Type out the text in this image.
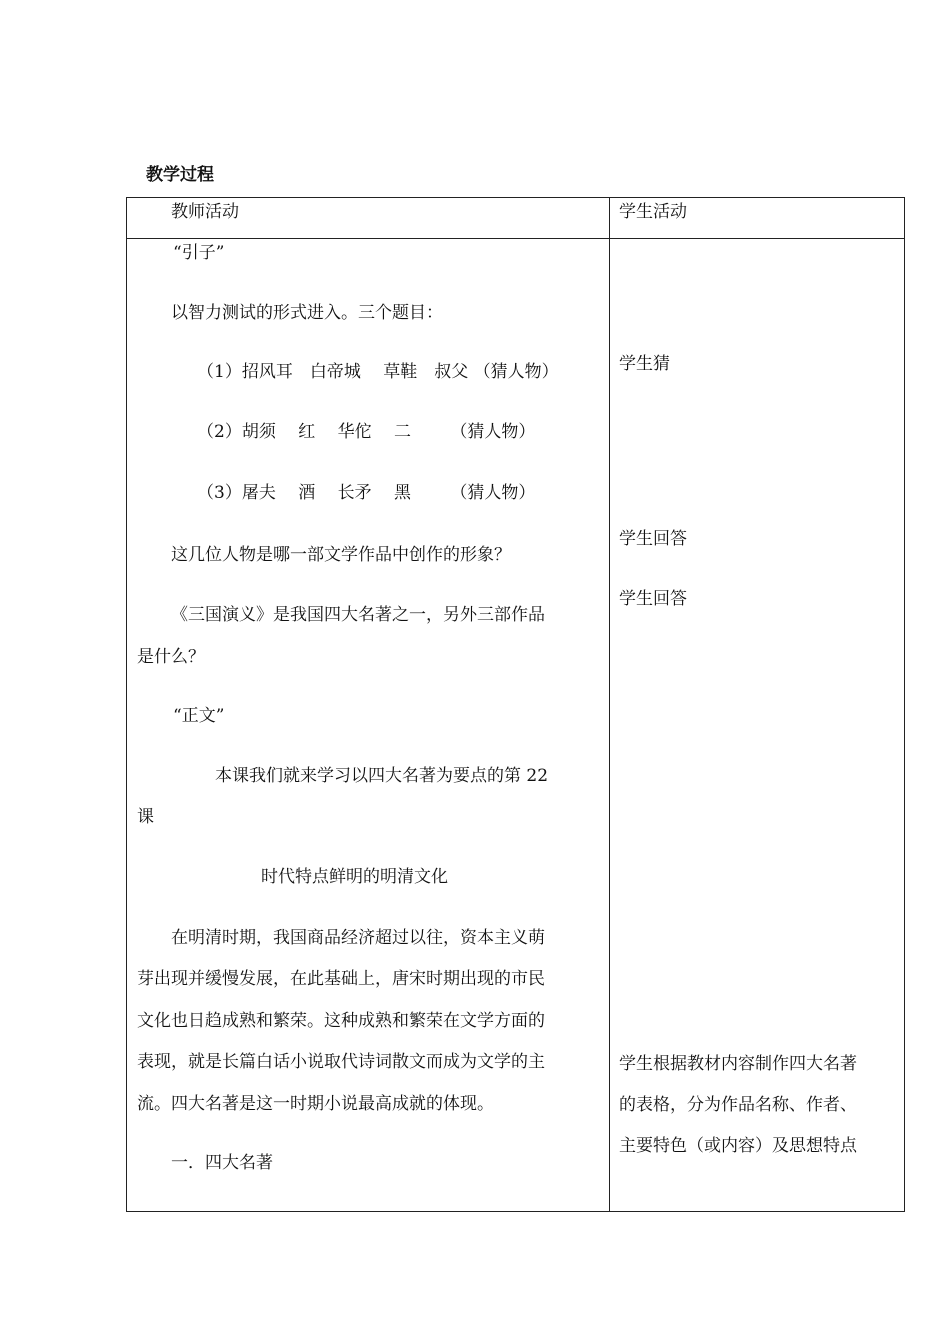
教学过程
教师活动	学生活动
“引子”
以智力测试的形式进入。三个题目：
（1）招风耳　白帝城　 草鞋　叔父 （猜人物）
（2）胡须　 红　 华佗　 二　　 （猜人物）
（3）屠夫　 酒　 长矛　 黑　　 （猜人物）
这几位人物是哪一部文学作品中创作的形象？
《三国演义》是我国四大名著之一，另外三部作品
是什么？
“正文”
本课我们就来学习以四大名著为要点的第 22
课
时代特点鲜明的明清文化
在明清时期，我国商品经济超过以往，资本主义萌
芽出现并缓慢发展，在此基础上，唐宋时期出现的市民
文化也日趋成熟和繁荣。这种成熟和繁荣在文学方面的
表现，就是长篇白话小说取代诗词散文而成为文学的主
流。四大名著是这一时期小说最高成就的体现。
一．四大名著
学生猜
学生回答
学生回答
学生根据教材内容制作四大名著
的表格，分为作品名称、作者、
主要特色（或内容）及思想特点
